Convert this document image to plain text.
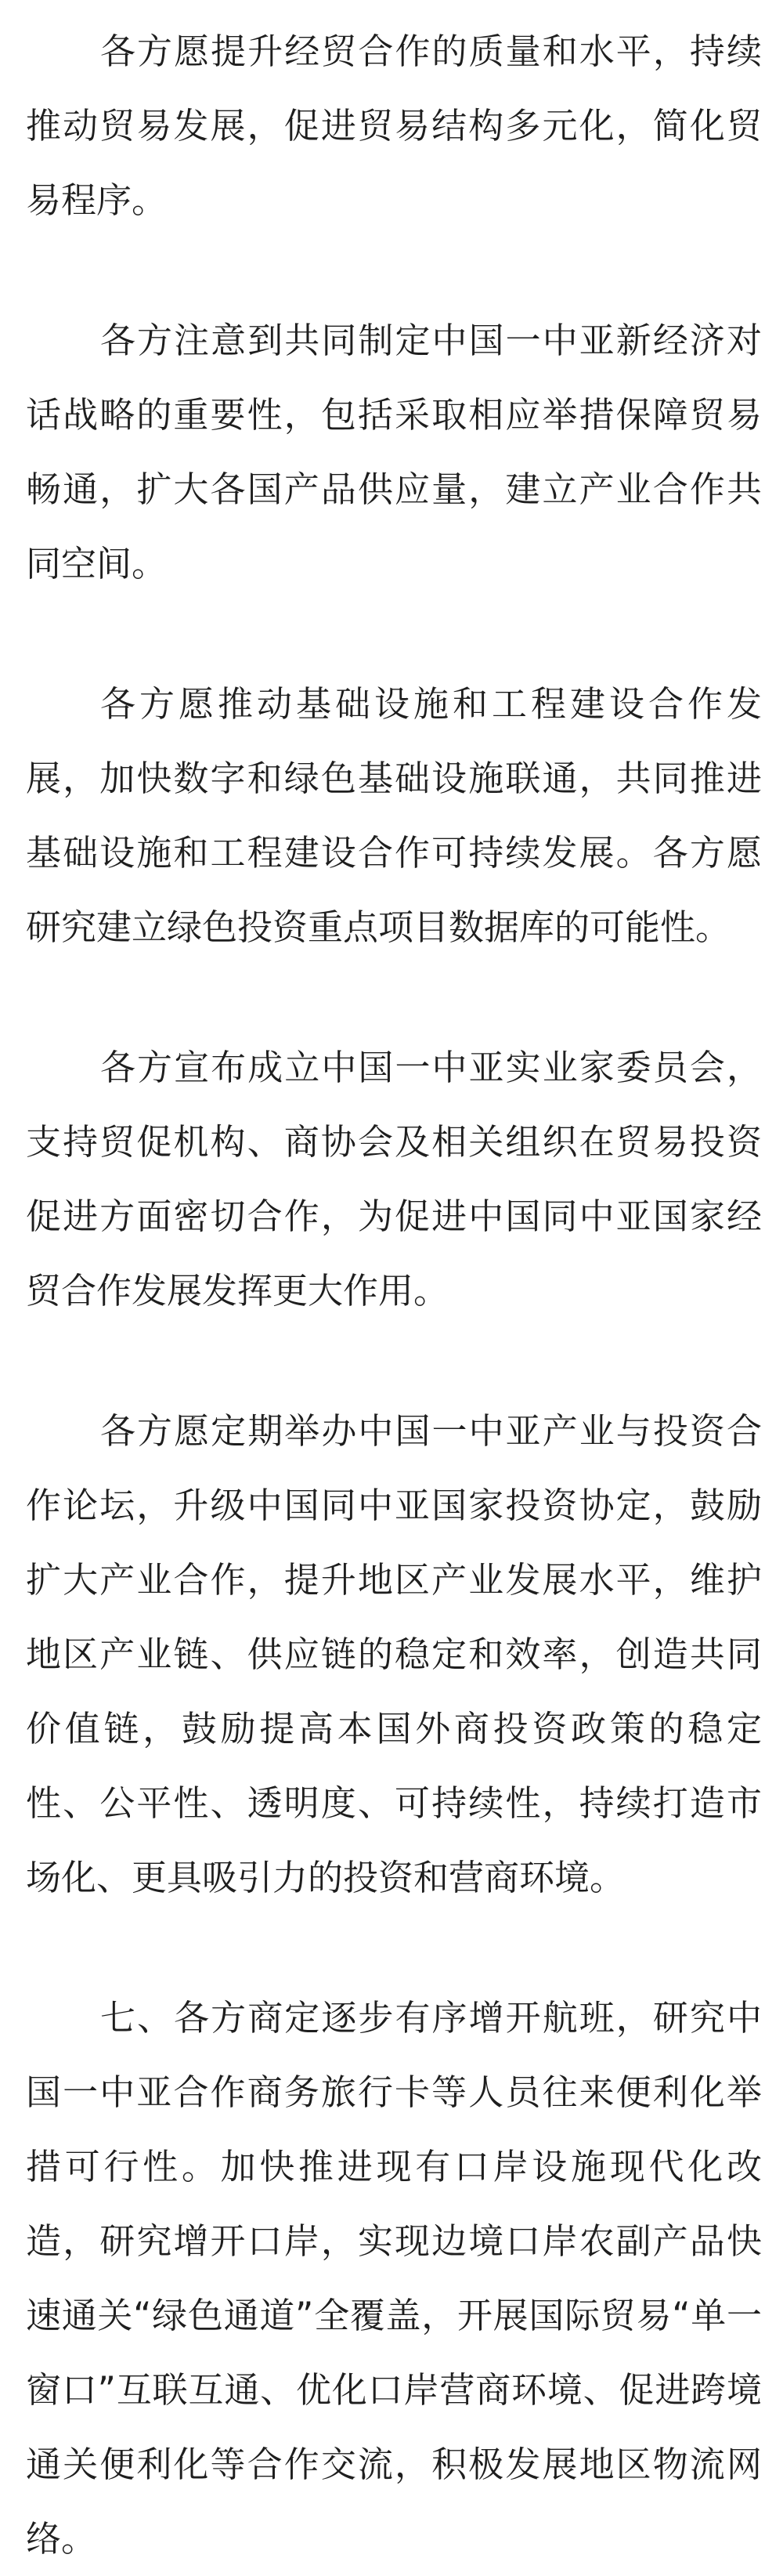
各方愿提升经贸合作的质量和水平，持续推动贸易发展，促进贸易结构多元化，简化贸易程序。

各方注意到共同制定中国一中亚新经济对话战略的重要性，包括采取相应举措保障贸易畅通，扩大各国产品供应量，建立产业合作共同空间。

各方愿推动基础设施和工程建设合作发展，加快数字和绿色基础设施联通，共同推进基础设施和工程建设合作可持续发展。各方愿研究建立绿色投资重点项目数据库的可能性。

各方宣布成立中国一中亚实业家委员会，支持贸促机构、商协会及相关组织在贸易投资促进方面密切合作，为促进中国同中亚国家经贸合作发展发挥更大作用。

各方愿定期举办中国一中亚产业与投资合作论坛，升级中国同中亚国家投资协定，鼓励扩大产业合作，提升地区产业发展水平，维护地区产业链、供应链的稳定和效率，创造共同价值链，鼓励提高本国外商投资政策的稳定性、公平性、透明度、可持续性，持续打造市场化、更具吸引力的投资和营商环境。

七、各方商定逐步有序增开航班，研究中国一中亚合作商务旅行卡等人员往来便利化举措可行性。加快推进现有口岸设施现代化改造，研究增开口岸，实现边境口岸农副产品快速通关“绿色通道”全覆盖，开展国际贸易“单一窗口”互联互通、优化口岸营商环境、促进跨境通关便利化等合作交流，积极发展地区物流网络。
